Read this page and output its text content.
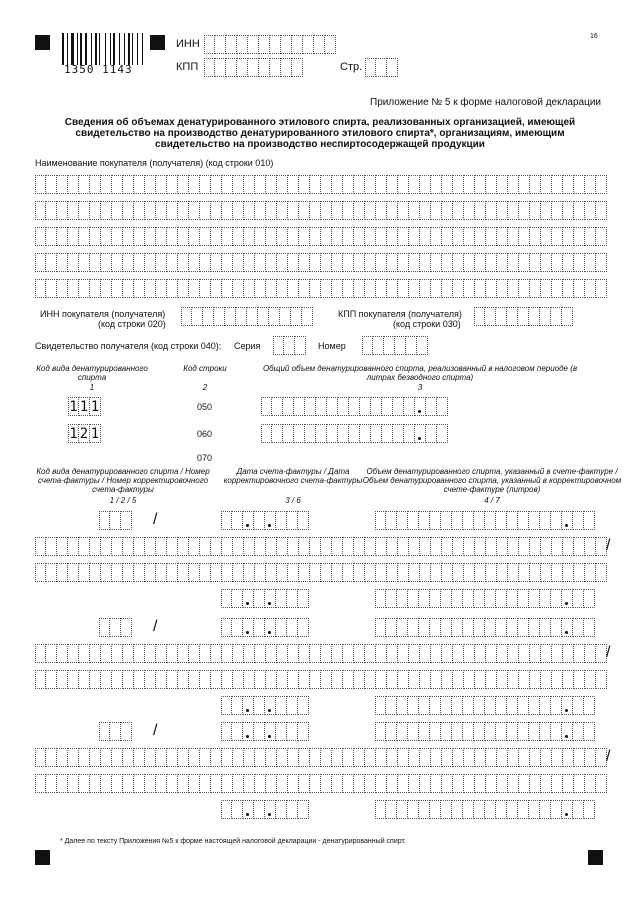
1350 1143
16
ИНН
КПП	Стр.
Приложение № 5 к форме налоговой декларации
Сведения об объемах денатурированного этилового спирта, реализованных организацией, имеющей свидетельство на производство денатурированного этилового спирта*, организациям, имеющим свидетельство на производство неспиртосодержащей продукции
Наименование покупателя (получателя) (код строки 010)
ИНН покупателя (получателя)
(код строки 020)
КПП покупателя (получателя)
(код строки 030)
Свидетельство получателя (код строки 040): Серия	Номер
Код вида денатурированного спирта
1
Код строки
2
Общий объем денатурированного спирта, реализованный в налоговом периоде (в литрах безводного спирта)
3
1 1 1	050
1 2 1	060
070
Код вида денатурированного спирта / Номер счета-фактуры / Номер корректировочного счета-фактуры
1 / 2 / 5
Дата счета-фактуры / Дата корректировочного счета-фактуры
3 / 6
Объем денатурированного спирта, указанный в счете-фактуре / Объем денатурированного спирта, указанный в корректировочном счете-фактуре (литров)
4 / 7
/
/
/
/
/
/
* Далее по тексту Приложения №5 к форме настоящей налоговой декларации - денатурированный спирт.
